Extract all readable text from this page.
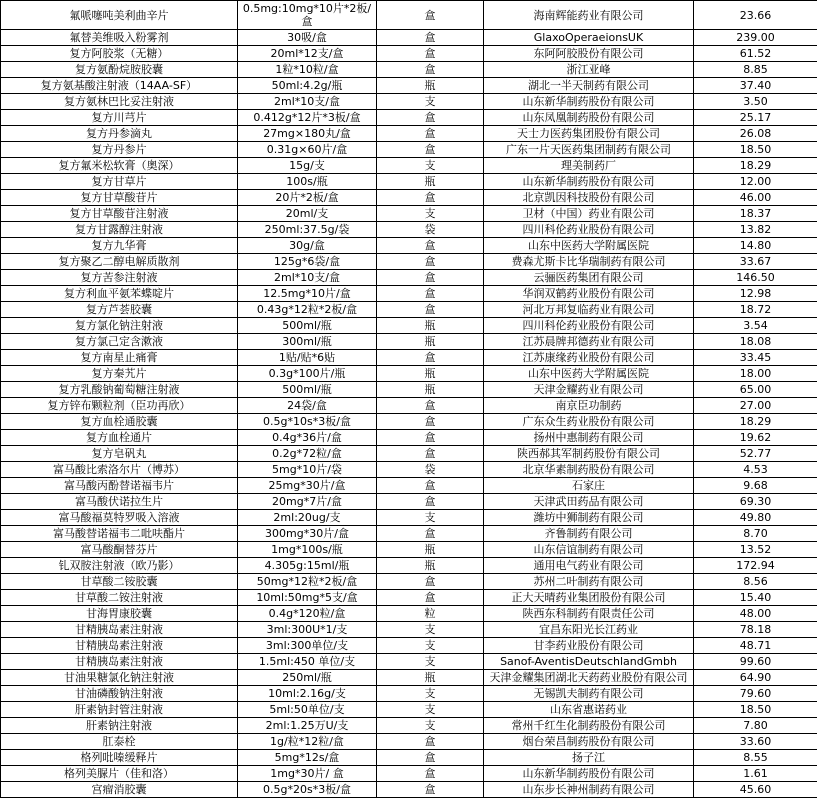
氟哌噻吨美利曲辛片	0.5mg:10mg*10片*2板/盒	盒	海南辉能药业有限公司	23.66
氟替美维吸入粉雾剂	30吸/盒	盒	GlaxoOperaeionsUK	239.00
复方阿胶浆（无糖）	20ml*12支/盒	盒	东阿阿胶股份有限公司	61.52
复方氨酚烷胺胶囊	1粒*10粒/盒	盒	浙江亚峰	8.85
复方氨基酸注射液（14AA-SF）	50ml:4.2g/瓶	瓶	湖北一半天制药有限公司	37.40
复方氨林巴比妥注射液	2ml*10支/盒	支	山东新华制药股份有限公司	3.50
复方川芎片	0.412g*12片*3板/盒	盒	山东凤凰制药股份有限公司	25.17
复方丹参滴丸	27mg×180丸/盒	盒	天士力医药集团股份有限公司	26.08
复方丹参片	0.31g×60片/盒	盒	广东一片天医药集团制药有限公司	18.50
复方氟米松软膏（奥深）	15g/支	支	理美制药厂	18.29
复方甘草片	100s/瓶	瓶	山东新华制药股份有限公司	12.00
复方甘草酸苷片	20片*2板/盒	盒	北京凯因科技股份有限公司	46.00
复方甘草酸苷注射液	20ml/支	支	卫材（中国）药业有限公司	18.37
复方甘露醇注射液	250ml:37.5g/袋	袋	四川科伦药业股份有限公司	13.82
复方九华膏	30g/盒	盒	山东中医药大学附属医院	14.80
复方聚乙二醇电解质散剂	125g*6袋/盒	盒	费森尤斯卡比华瑞制药有限公司	33.67
复方苦参注射液	2ml*10支/盒	盒	云骊医药集团有限公司	146.50
复方利血平氨苯蝶啶片	12.5mg*10片/盒	盒	华润双鹤药业股份有限公司	12.98
复方芦荟胶囊	0.43g*12粒*2板/盒	盒	河北万邦复临药业有限公司	18.72
复方氯化钠注射液	500ml/瓶	瓶	四川科伦药业股份有限公司	3.54
复方氯己定含漱液	300ml/瓶	瓶	江苏晨牌邦德药业有限公司	18.08
复方南星止痛膏	1贴/贴*6贴	盒	江苏康缘药业股份有限公司	33.45
复方秦艽片	0.3g*100片/瓶	瓶	山东中医药大学附属医院	18.00
复方乳酸钠葡萄糖注射液	500ml/瓶	瓶	天津金耀药业有限公司	65.00
复方锌布颗粒剂（臣功再欣）	24袋/盒	盒	南京臣功制药	27.00
复方血栓通胶囊	0.5g*10s*3板/盒	盒	广东众生药业股份有限公司	18.29
复方血栓通片	0.4g*36片/盒	盒	扬州中惠制药有限公司	19.62
复方皂矾丸	0.2g*72粒/盒	盒	陕西郝其军制药股份有限公司	52.77
富马酸比索洛尔片（博苏）	5mg*10片/袋	袋	北京华素制药股份有限公司	4.53
富马酸丙酚替诺福韦片	25mg*30片/盒	盒	石家庄	9.68
富马酸伏诺拉生片	20mg*7片/盒	盒	天津武田药品有限公司	69.30
富马酸福莫特罗吸入溶液	2ml:20ug/支	支	潍坊中狮制药有限公司	49.80
富马酸替诺福韦二吡呋酯片	300mg*30片/盒	盒	齐鲁制药有限公司	8.70
富马酸酮替芬片	1mg*100s/瓶	瓶	山东信谊制药有限公司	13.52
钆双胺注射液（欧乃影）	4.305g:15ml/瓶	瓶	通用电气药业有限公司	172.94
甘草酸二铵胶囊	50mg*12粒*2板/盒	盒	苏州二叶制药有限公司	8.56
甘草酸二铵注射液	10ml:50mg*5支/盒	盒	正大天晴药业集团股份有限公司	15.40
甘海胃康胶囊	0.4g*120粒/盒	粒	陕西东科制药有限责任公司	48.00
甘精胰岛素注射液	3ml:300U*1/支	支	宜昌东阳光长江药业	78.18
甘精胰岛素注射液	3ml:300单位/支	支	甘李药业股份有限公司	48.71
甘精胰岛素注射液	1.5ml:450 单位/支	支	Sanof-AventisDeutschlandGmbh	99.60
甘油果糖氯化钠注射液	250ml/瓶	瓶	天津金耀集团湖北天药药业股份有限公司	64.90
甘油磷酸钠注射液	10ml:2.16g/支	支	无锡凯夫制药有限公司	79.60
肝素钠封管注射液	5ml:50单位/支	支	山东省惠诺药业	18.50
肝素钠注射液	2ml:1.25万U/支	支	常州千红生化制药股份有限公司	7.80
肛泰栓	1g/粒*12粒/盒	盒	烟台荣昌制药股份有限公司	33.60
格列吡嗪缓释片	5mg*12s/盒	盒	扬子江	8.55
格列美脲片（佳和洛）	1mg*30片/ 盒	盒	山东新华制药股份有限公司	1.61
宫瘤消胶囊	0.5g*20s*3板/盒	盒	山东步长神州制药有限公司	45.60
